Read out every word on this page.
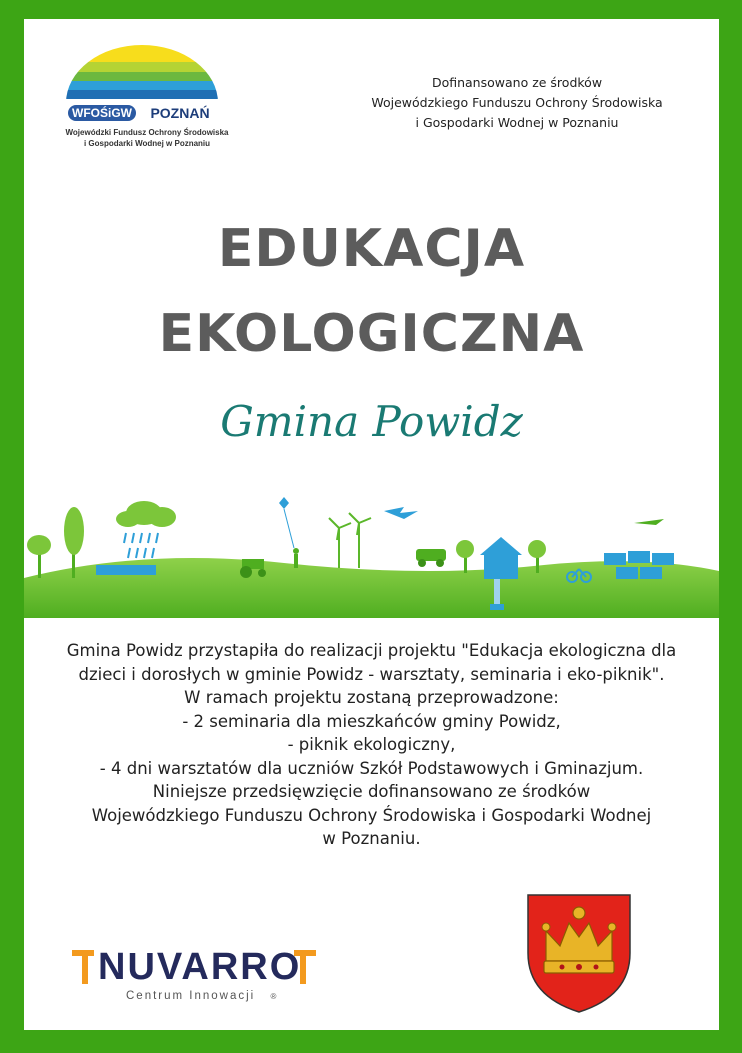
WFOŚiGW POZNAŃ
Wojewódzki Fundusz Ochrony Środowiska
i Gospodarki Wodnej w Poznaniu
Dofinansowano ze środków
Wojewódzkiego Funduszu Ochrony Środowiska
i Gospodarki Wodnej w Poznaniu
EDUKACJA
EKOLOGICZNA
Gmina Powidz
Gmina Powidz przystapiła do realizacji projektu "Edukacja ekologiczna dla
dzieci i dorosłych w gminie Powidz - warsztaty, seminaria i eko-piknik".
W ramach projektu zostaną przeprowadzone:
- 2 seminaria dla mieszkańców gminy Powidz,
- piknik ekologiczny,
- 4 dni warsztatów dla uczniów Szkół Podstawowych i Gminazjum.
Niniejsze przedsięwzięcie dofinansowano ze środków
Wojewódzkiego Funduszu Ochrony Środowiska i Gospodarki Wodnej
w Poznaniu.
NUVARRO
Centrum Innowacji ®
